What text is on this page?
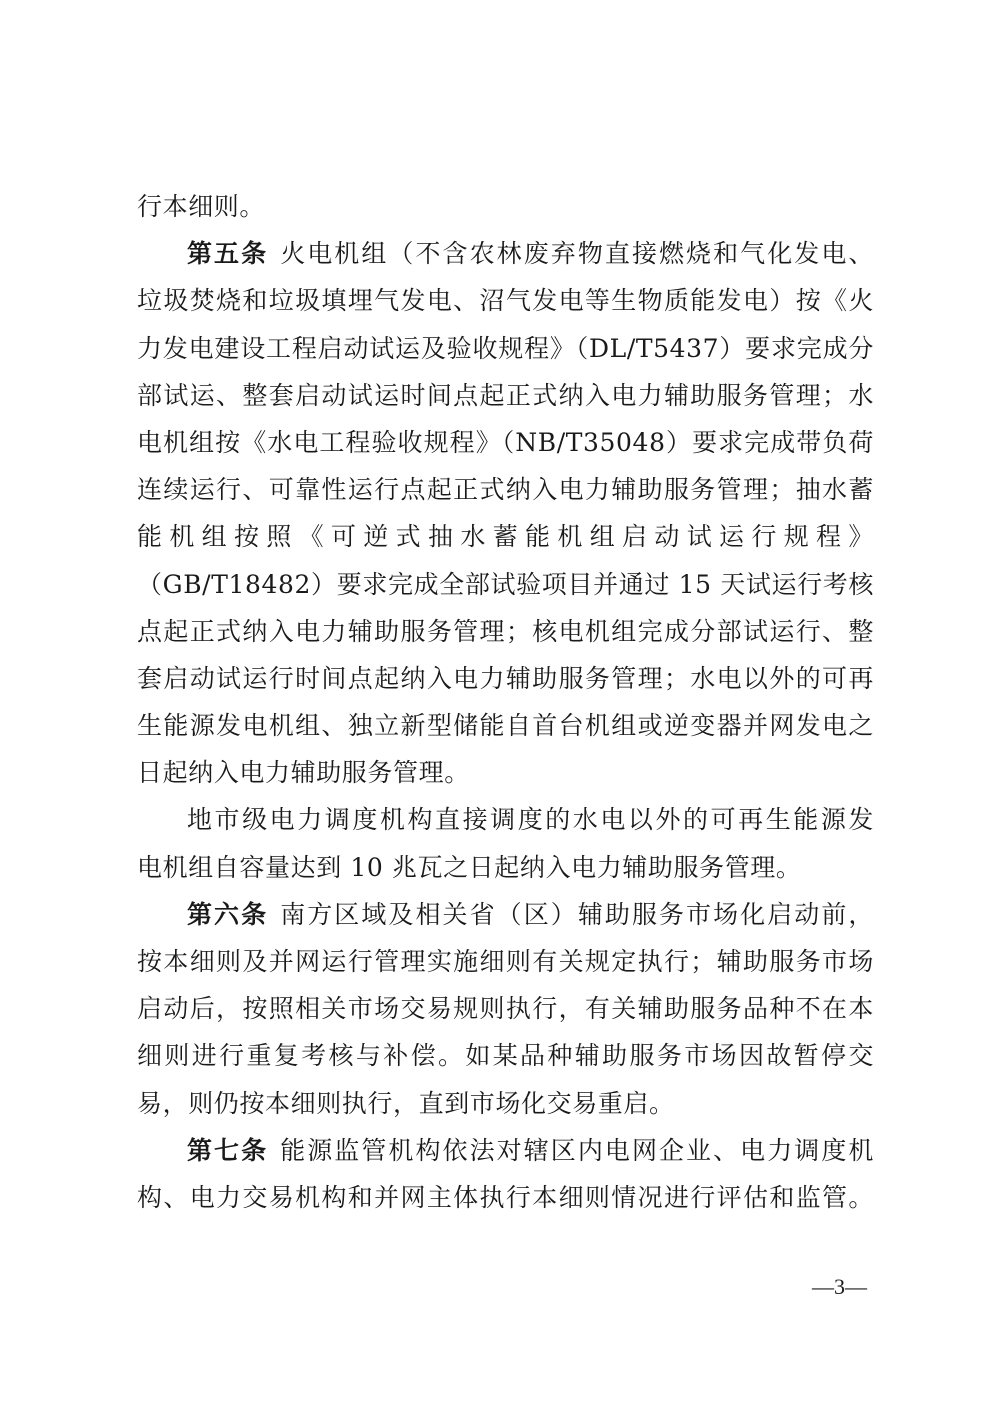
行本细则。
第五条 火电机组（不含农林废弃物直接燃烧和气化发电、
垃圾焚烧和垃圾填埋气发电、沼气发电等生物质能发电）按《火
力发电建设工程启动试运及验收规程》（DL/T5437）要求完成分
部试运、整套启动试运时间点起正式纳入电力辅助服务管理；水
电机组按《水电工程验收规程》（NB/T35048）要求完成带负荷
连续运行、可靠性运行点起正式纳入电力辅助服务管理；抽水蓄
能机组按照《可逆式抽水蓄能机组启动试运行规程》
（GB/T18482）要求完成全部试验项目并通过 15 天试运行考核
点起正式纳入电力辅助服务管理；核电机组完成分部试运行、整
套启动试运行时间点起纳入电力辅助服务管理；水电以外的可再
生能源发电机组、独立新型储能自首台机组或逆变器并网发电之
日起纳入电力辅助服务管理。
地市级电力调度机构直接调度的水电以外的可再生能源发
电机组自容量达到 10 兆瓦之日起纳入电力辅助服务管理。
第六条 南方区域及相关省（区）辅助服务市场化启动前，
按本细则及并网运行管理实施细则有关规定执行；辅助服务市场
启动后，按照相关市场交易规则执行，有关辅助服务品种不在本
细则进行重复考核与补偿。如某品种辅助服务市场因故暂停交
易，则仍按本细则执行，直到市场化交易重启。
第七条 能源监管机构依法对辖区内电网企业、电力调度机
构、电力交易机构和并网主体执行本细则情况进行评估和监管。
—3—
